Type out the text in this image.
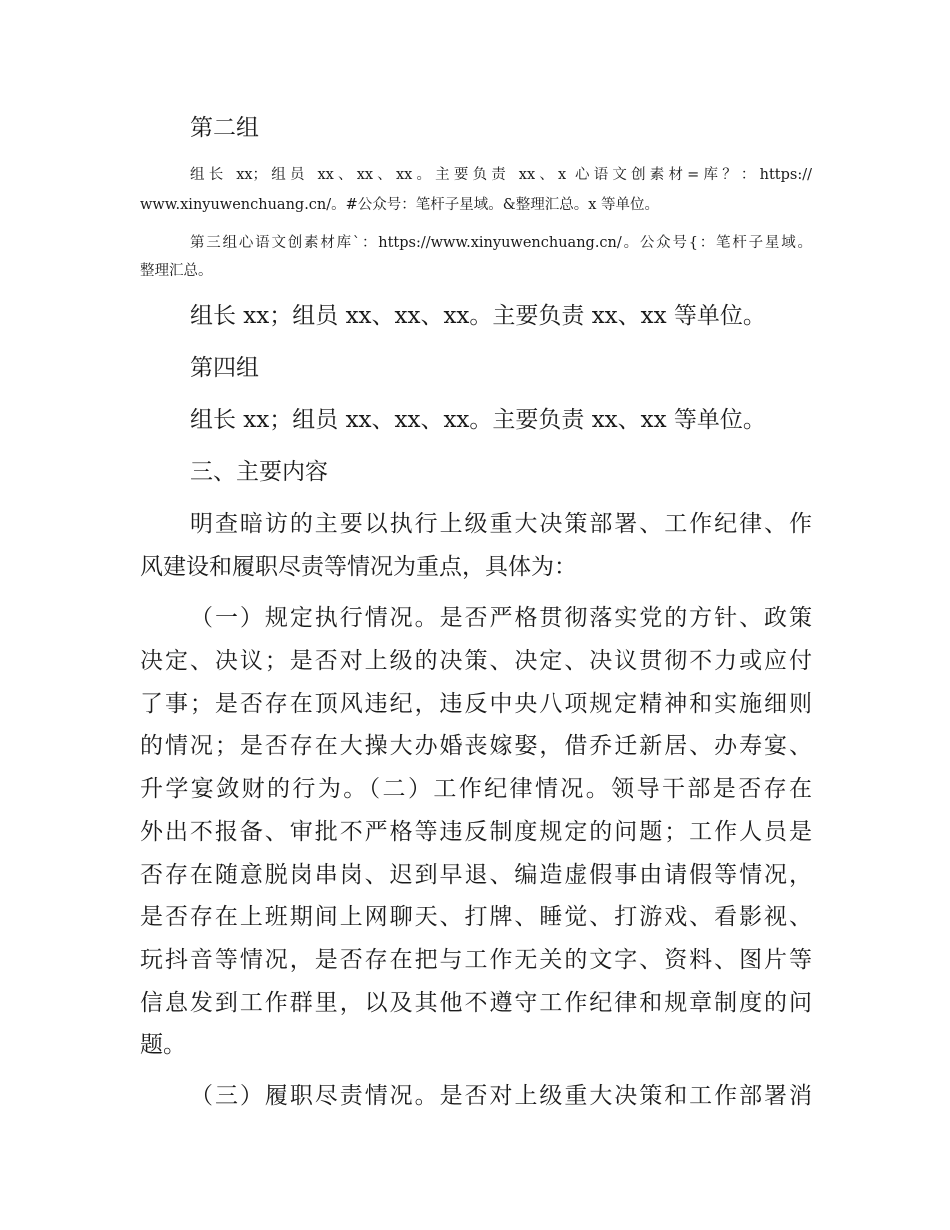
第二组

组长 xx；组员 xx、xx、xx。主要负责 xx、x 心语文创素材=库？：https://

www.xinyuwenchuang.cn/。#公众号：笔杆子星域。&整理汇总。x 等单位。

第三组心语文创素材库`：https://www.xinyuwenchuang.cn/。公众号{：笔杆子星域。

整理汇总。

组长 xx；组员 xx、xx、xx。主要负责 xx、xx 等单位。

第四组

组长 xx；组员 xx、xx、xx。主要负责 xx、xx 等单位。

三、主要内容

明查暗访的主要以执行上级重大决策部署、工作纪律、作

风建设和履职尽责等情况为重点，具体为：

（一）规定执行情况。是否严格贯彻落实党的方针、政策

决定、决议；是否对上级的决策、决定、决议贯彻不力或应付

了事；是否存在顶风违纪，违反中央八项规定精神和实施细则

的情况；是否存在大操大办婚丧嫁娶，借乔迁新居、办寿宴、

升学宴敛财的行为。（二）工作纪律情况。领导干部是否存在

外出不报备、审批不严格等违反制度规定的问题；工作人员是

否存在随意脱岗串岗、迟到早退、编造虚假事由请假等情况，

是否存在上班期间上网聊天、打牌、睡觉、打游戏、看影视、

玩抖音等情况，是否存在把与工作无关的文字、资料、图片等

信息发到工作群里，以及其他不遵守工作纪律和规章制度的问

题。

（三）履职尽责情况。是否对上级重大决策和工作部署消
